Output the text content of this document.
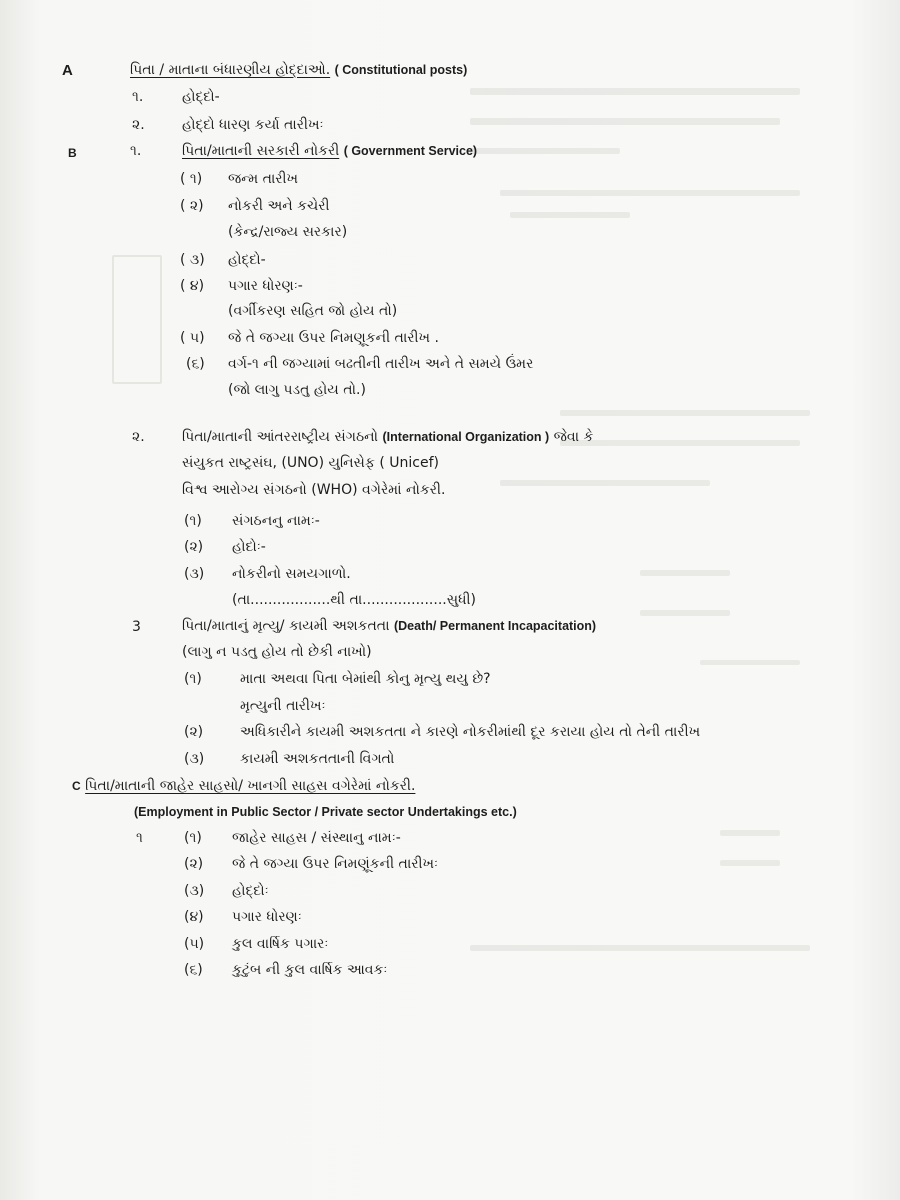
A	પિતા / માતાના બંધારણીય હોદ્દાઓ. ( Constitutional posts)
૧.	હોદ્દો-
૨.	હોદ્દો ધારણ કર્યા તારીખઃ
B	૧.	પિતા/માતાની સરકારી નોકરી ( Government Service)
( ૧) જન્મ તારીખ
( ૨) નોકરી અને કચેરી
(કેન્દ્ર/રાજ્ય સરકાર)
( ૩) હોદ્દો-
( ૪) પગાર ધોરણઃ-
(વર્ગીકરણ સહિત જો હોય તો)
( ૫) જે તે જગ્યા ઉપર નિમણૂકની તારીખ .
(૬) વર્ગ-૧ ની જગ્યામાં બઢતીની તારીખ અને તે સમયે ઉંમર
(જો લાગુ પડતુ હોય તો.)
૨.	પિતા/માતાની આંતરરાષ્ટ્રીય સંગઠનો (International Organization ) જેવા કે
સંયુકત રાષ્ટ્રસંઘ, (UNO) યુનિસેફ ( Unicef)
વિશ્વ આરોગ્ય સંગઠનો (WHO) વગેરેમાં નોકરી.
(૧) સંગઠનનુ નામઃ-
(૨) હોદોઃ-
(૩) નોકરીનો સમયગાળો.
(તા..................થી તા...................સુધી)
3	પિતા/માતાનું મૃત્યુ/ કાયમી અશકતતા (Death/ Permanent Incapacitation)
(લાગુ ન પડતુ હોય તો છેકી નાખો)
(૧)	માતા અથવા પિતા બેમાંથી કોનુ મૃત્યુ થયુ છે?
મૃત્યુની તારીખઃ
(૨)	અધિકારીને કાયમી અશકતતા ને કારણે નોકરીમાંથી દૂર કરાયા હોય તો તેની તારીખ
(૩)	કાયમી અશકતતાની વિગતો
C પિતા/માતાની જાહેર સાહસો/ ખાનગી સાહસ વગેરેમાં નોકરી.
(Employment in Public Sector / Private sector Undertakings etc.)
૧	(૧) જાહેર સાહસ / સંસ્થાનુ નામઃ-
(૨) જે તે જગ્યા ઉપર નિમણૂંકની તારીખઃ
(૩) હોદ્દોઃ
(૪) પગાર ધોરણઃ
(૫) કુલ વાર્ષિક પગારઃ
(૬) કુટુંબ ની કુલ વાર્ષિક આવકઃ
